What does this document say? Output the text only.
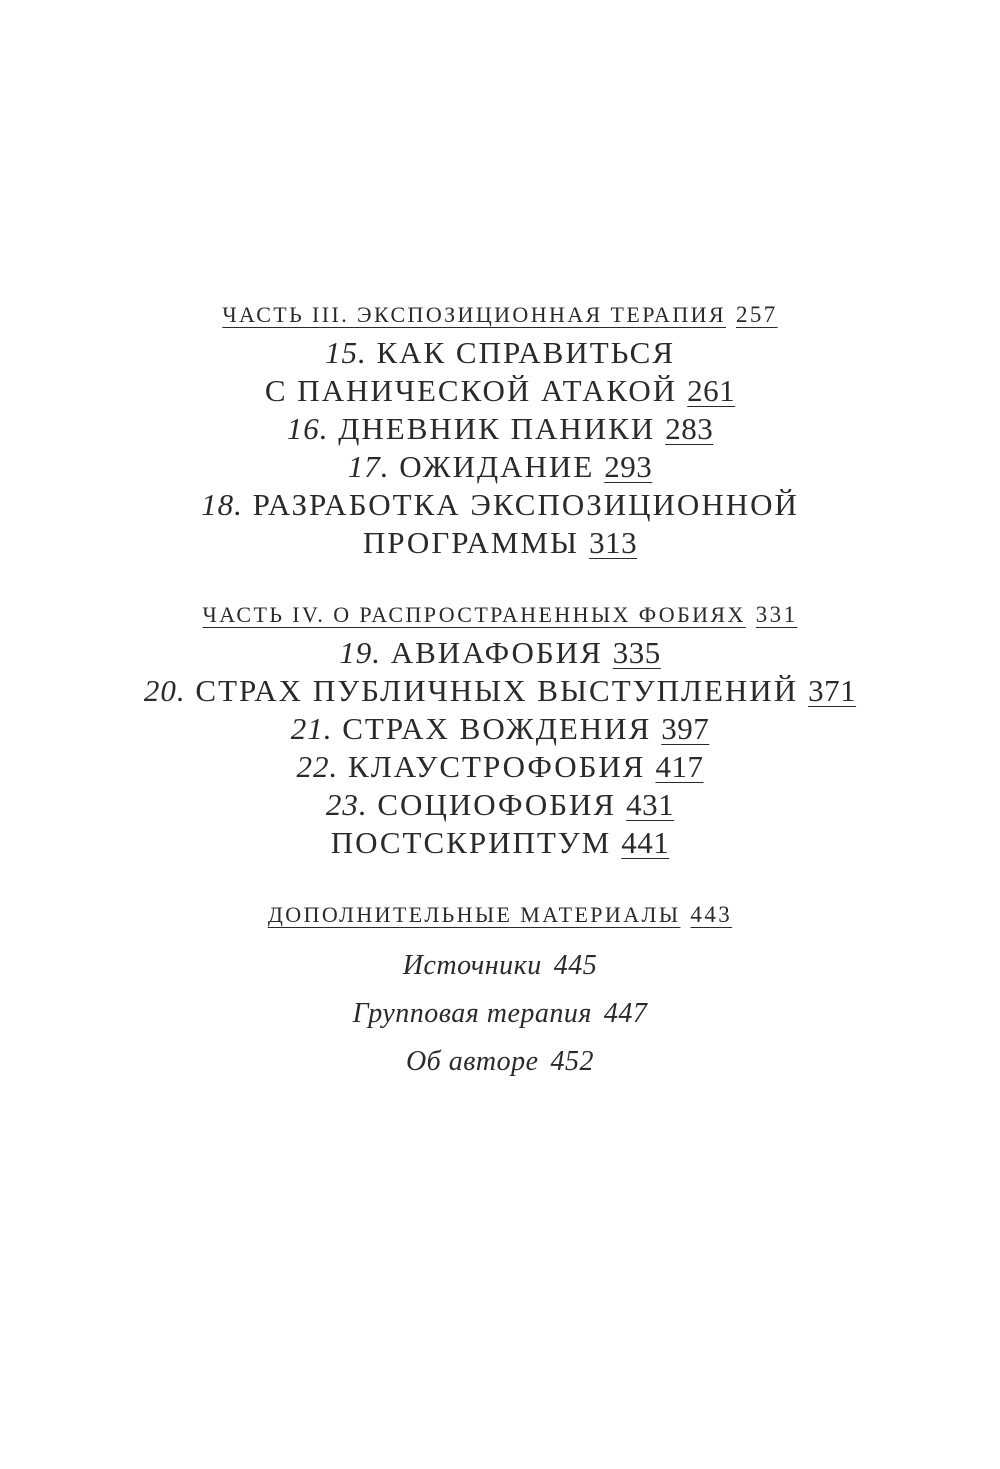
ЧАСТЬ III. ЭКСПОЗИЦИОННАЯ ТЕРАПИЯ 257
15. КАК СПРАВИТЬСЯ
С ПАНИЧЕСКОЙ АТАКОЙ 261
16. ДНЕВНИК ПАНИКИ 283
17. ОЖИДАНИЕ 293
18. РАЗРАБОТКА ЭКСПОЗИЦИОННОЙ
ПРОГРАММЫ 313
ЧАСТЬ IV. О РАСПРОСТРАНЕННЫХ ФОБИЯХ 331
19. АВИАФОБИЯ 335
20. СТРАХ ПУБЛИЧНЫХ ВЫСТУПЛЕНИЙ 371
21. СТРАХ ВОЖДЕНИЯ 397
22. КЛАУСТРОФОБИЯ 417
23. СОЦИОФОБИЯ 431
ПОСТСКРИПТУМ 441
ДОПОЛНИТЕЛЬНЫЕ МАТЕРИАЛЫ 443
Источники 445
Групповая терапия 447
Об авторе 452
